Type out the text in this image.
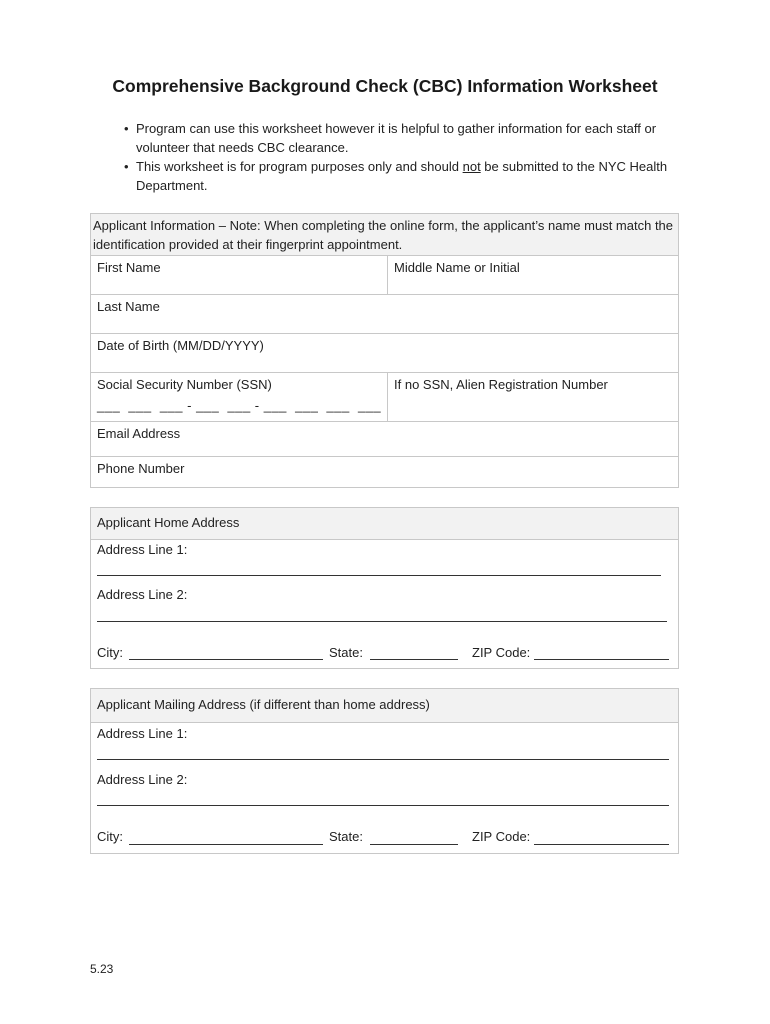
Comprehensive Background Check (CBC) Information Worksheet
• Program can use this worksheet however it is helpful to gather information for each staff or volunteer that needs CBC clearance.
• This worksheet is for program purposes only and should not be submitted to the NYC Health Department.
Applicant Information – Note: When completing the online form, the applicant’s name must match the identification provided at their fingerprint appointment.
First Name	Middle Name or Initial
Last Name
Date of Birth (MM/DD/YYYY)
Social Security Number (SSN)
___  ___  ___ - ___  ___ - ___  ___  ___  ___
If no SSN, Alien Registration Number
Email Address
Phone Number
Applicant Home Address
Address Line 1:
Address Line 2:
City:	State:	ZIP Code:
Applicant Mailing Address (if different than home address)
Address Line 1:
Address Line 2:
City:	State:	ZIP Code:
5.23
